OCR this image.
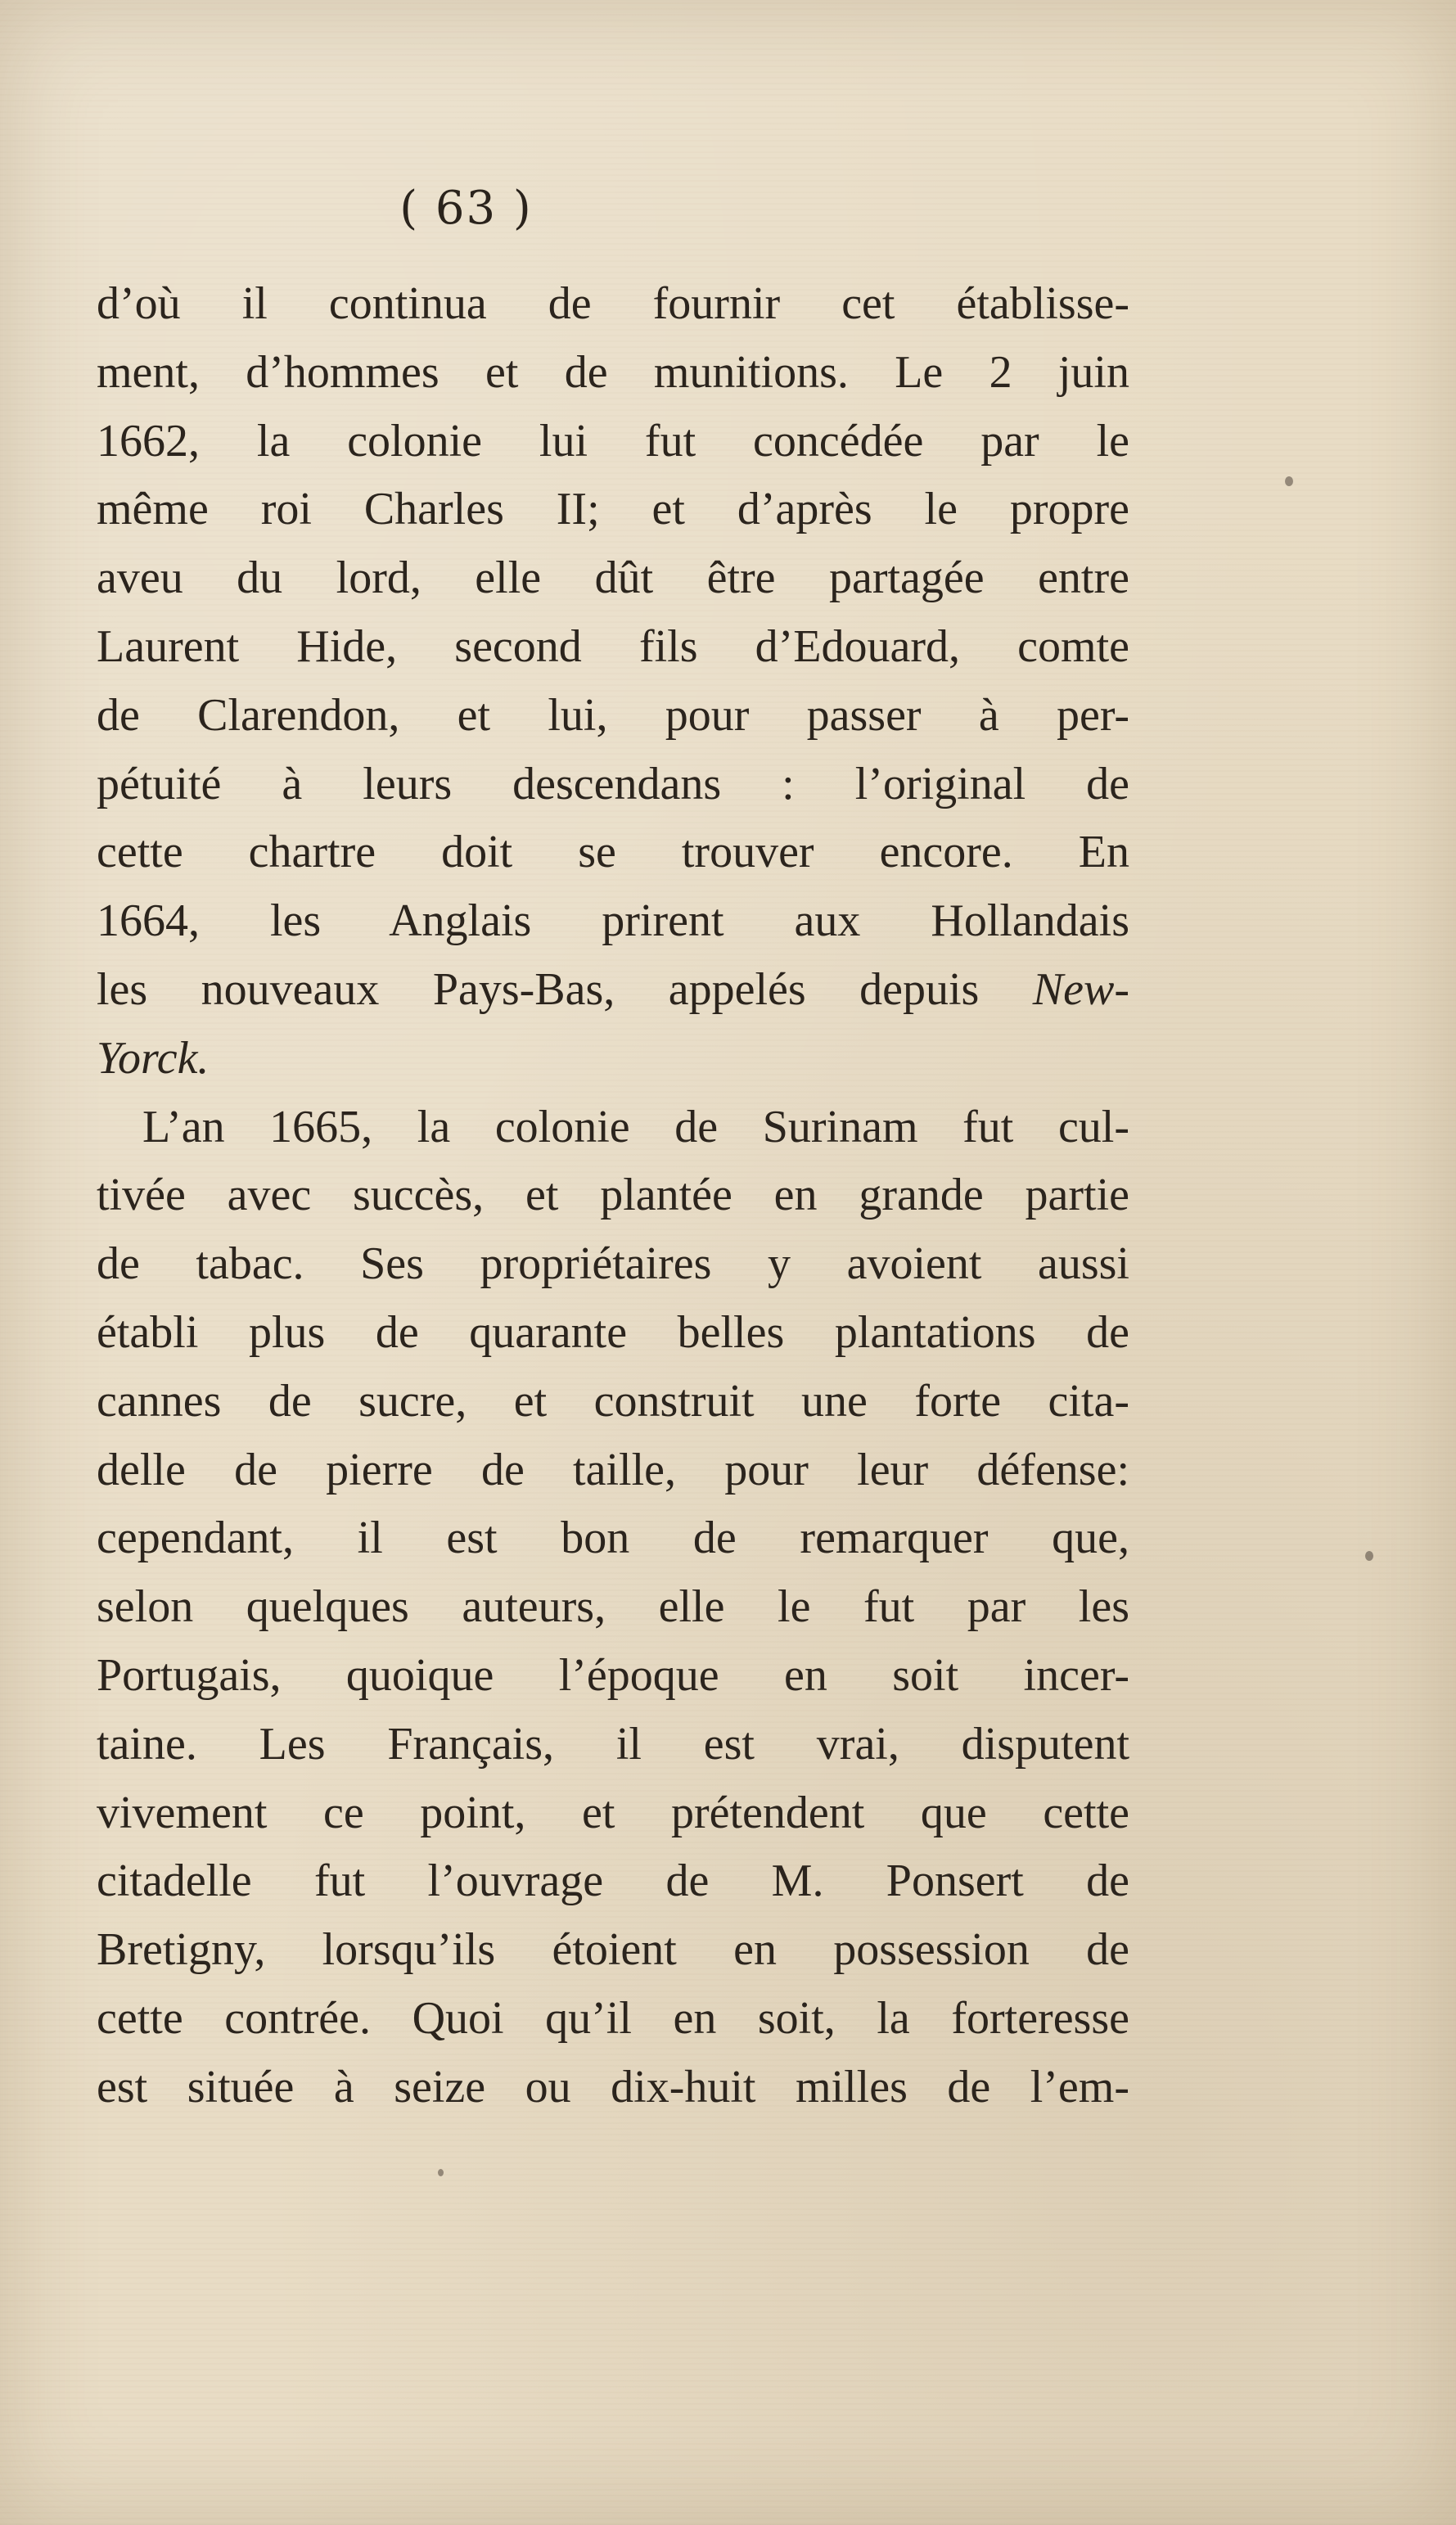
( 63 )
d’où il continua de fournir cet établisse-
ment, d’hommes et de munitions. Le 2 juin
1662, la colonie lui fut concédée par le
même roi Charles II; et d’après le propre
aveu du lord, elle dût être partagée entre
Laurent Hide, second fils d’Edouard, comte
de Clarendon, et lui, pour passer à per-
pétuité à leurs descendans : l’original de
cette chartre doit se trouver encore. En
1664, les Anglais prirent aux Hollandais
les nouveaux Pays-Bas, appelés depuis New-
Yorck.
L’an 1665, la colonie de Surinam fut cul-
tivée avec succès, et plantée en grande partie
de tabac. Ses propriétaires y avoient aussi
établi plus de quarante belles plantations de
cannes de sucre, et construit une forte cita-
delle de pierre de taille, pour leur défense:
cependant, il est bon de remarquer que,
selon quelques auteurs, elle le fut par les
Portugais, quoique l’époque en soit incer-
taine. Les Français, il est vrai, disputent
vivement ce point, et prétendent que cette
citadelle fut l’ouvrage de M. Ponsert de
Bretigny, lorsqu’ils étoient en possession de
cette contrée. Quoi qu’il en soit, la forteresse
est située à seize ou dix-huit milles de l’em-
